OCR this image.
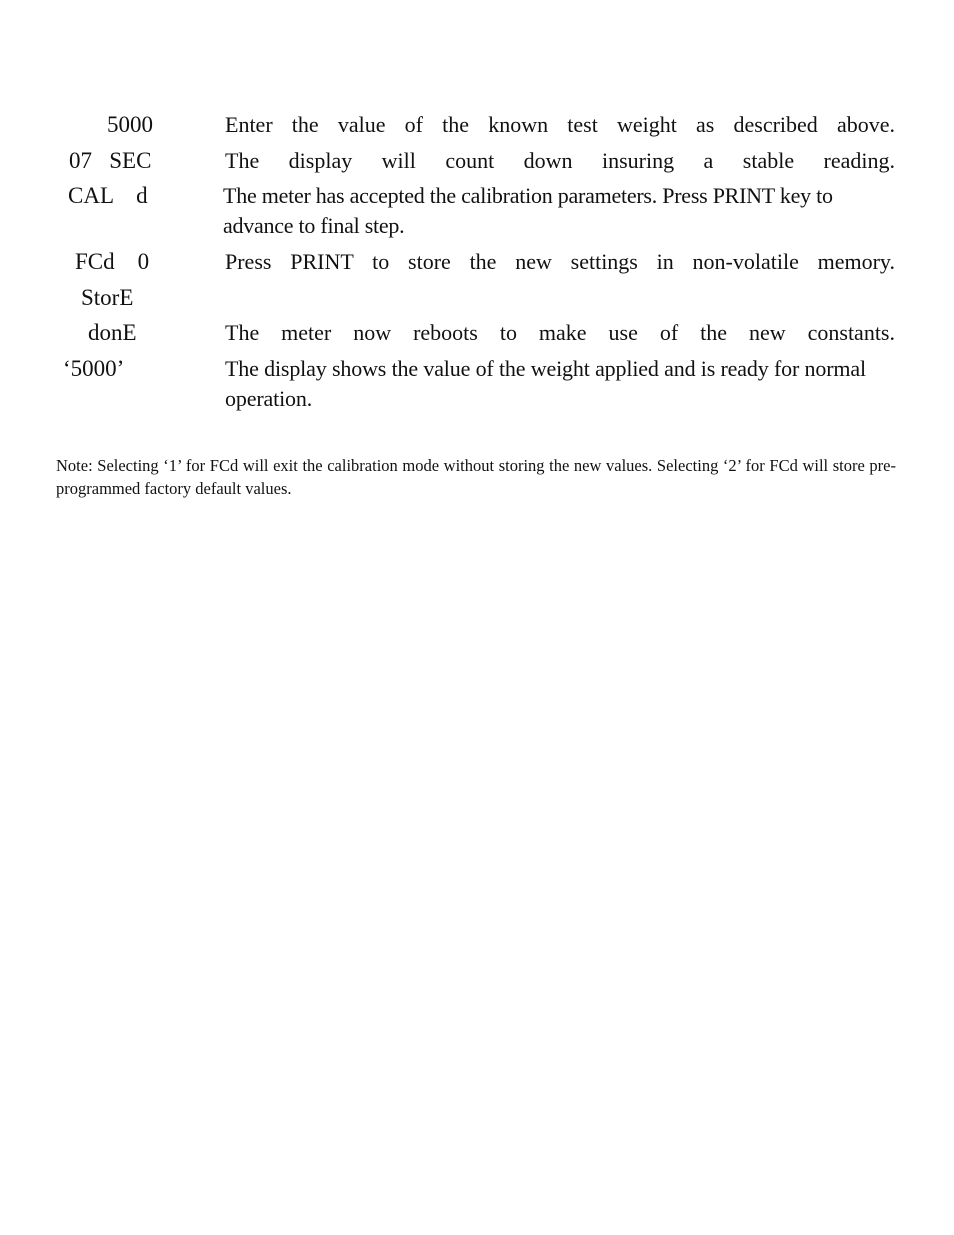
5000	Enter the value of the known test weight as described above.
07   SEC	The display will count down insuring a stable reading.
CAL    d	The meter has accepted the calibration parameters. Press PRINT key to advance to final step.
FCd    0	Press PRINT to store the new settings in non-volatile memory.
StorE
donE	The meter now reboots to make use of the new constants.
‘5000’	The display shows the value of the weight applied and is ready for normal operation.
Note: Selecting ‘1’ for FCd will exit the calibration mode without storing the new values. Selecting ‘2’ for FCd will store pre-programmed factory default values.
